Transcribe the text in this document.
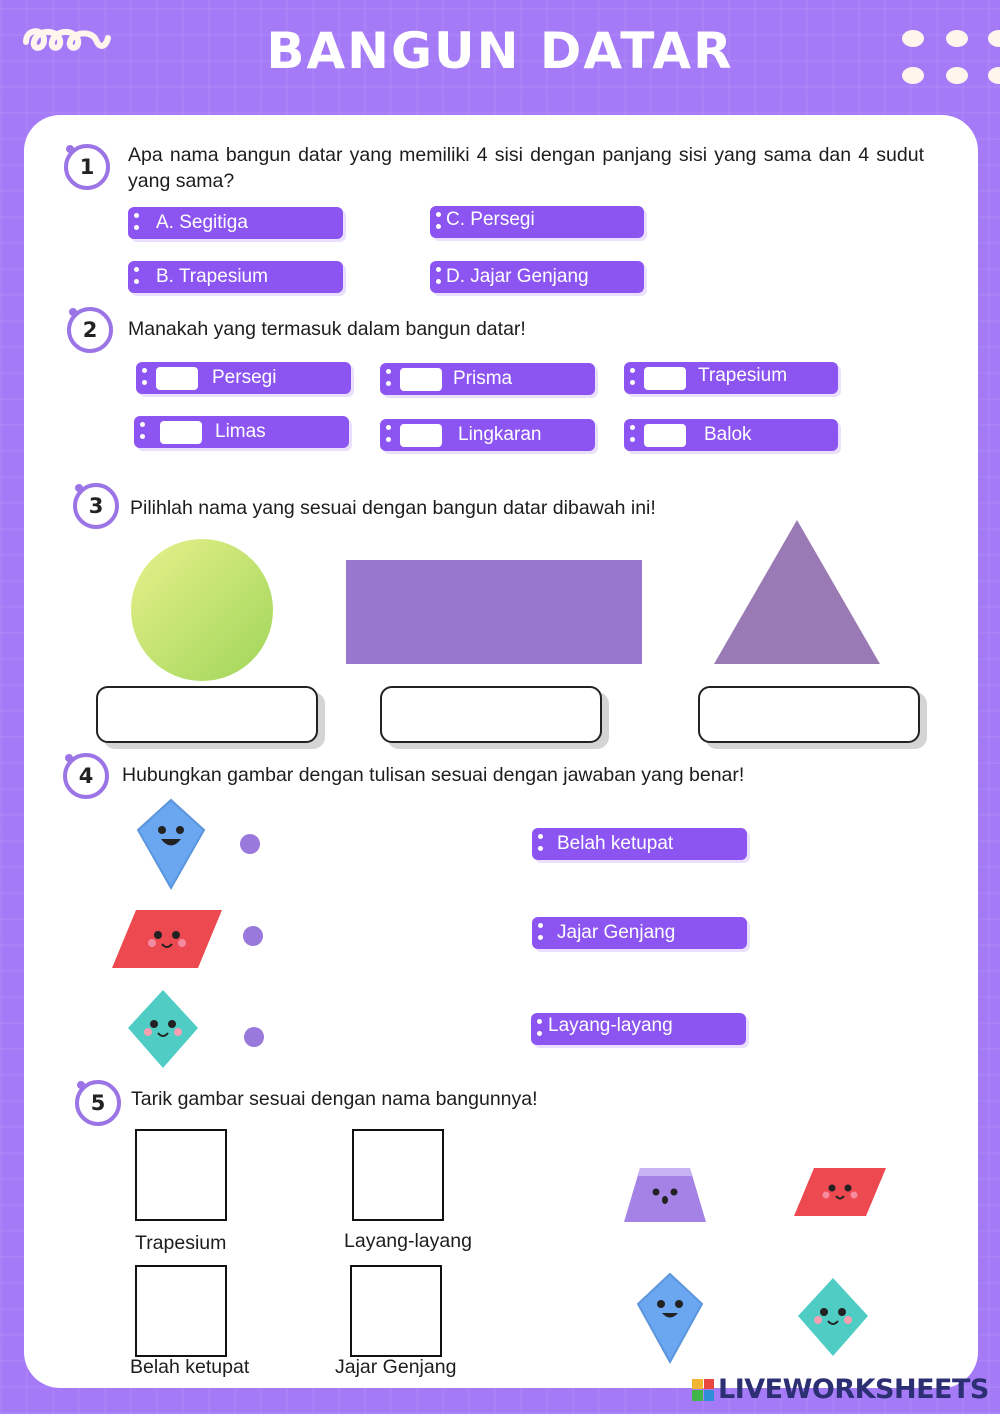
BANGUN DATAR
1	Apa nama bangun datar yang memiliki 4 sisi dengan panjang sisi yang sama dan 4 sudut yang sama?
A. Segitiga	C. Persegi
B. Trapesium	D. Jajar Genjang
2	Manakah yang termasuk dalam bangun datar!
Persegi	Prisma	Trapesium
Limas	Lingkaran	Balok
3	Pilihlah nama yang sesuai dengan bangun datar dibawah ini!
4	Hubungkan gambar dengan tulisan sesuai dengan jawaban yang benar!
Belah ketupat
Jajar Genjang
Layang-layang
5	Tarik gambar sesuai dengan nama bangunnya!
Trapesium	Layang-layang
Belah ketupat	Jajar Genjang
LIVEWORKSHEETS
